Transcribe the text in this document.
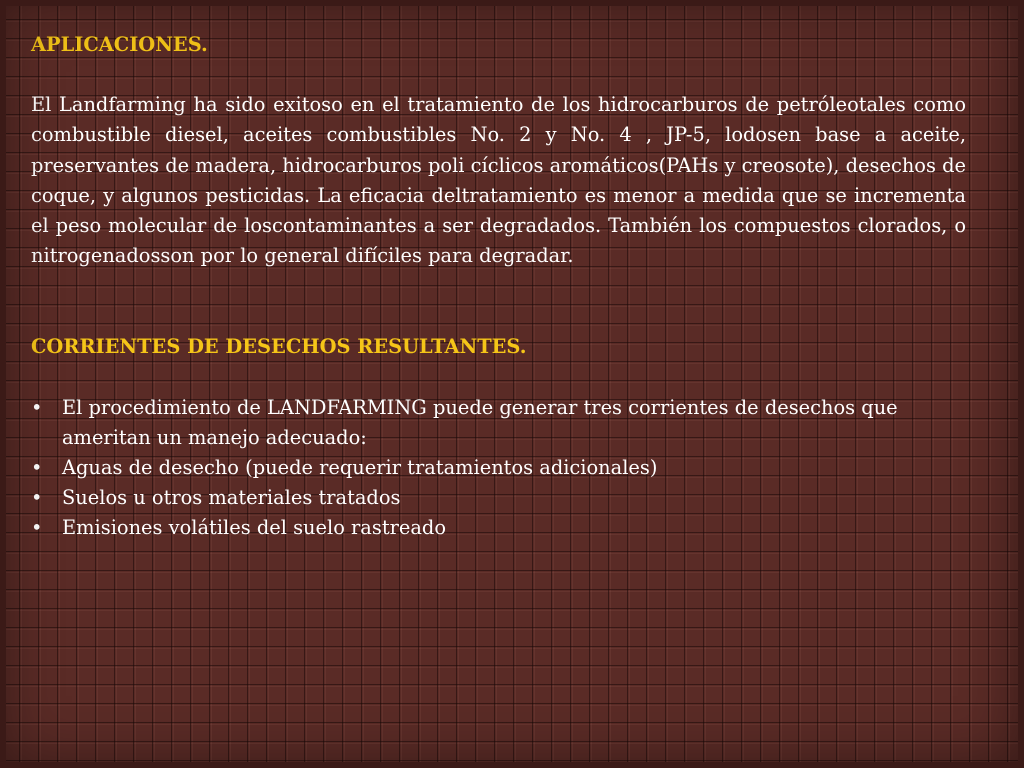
APLICACIONES.

El Landfarming ha sido exitoso en el tratamiento de los hidrocarburos de petróleotales como combustible diesel, aceites combustibles No. 2 y No. 4 , JP-5, lodosen base a aceite, preservantes de madera, hidrocarburos poli cíclicos aromáticos(PAHs y creosote), desechos de coque, y algunos pesticidas. La eficacia deltratamiento es menor a medida que se incrementa el peso molecular de loscontaminantes a ser degradados. También los compuestos clorados, o nitrogenadosson por lo general difíciles para degradar.

CORRIENTES DE DESECHOS RESULTANTES.

• El procedimiento de LANDFARMING puede generar tres corrientes de desechos que ameritan un manejo adecuado:
• Aguas de desecho (puede requerir tratamientos adicionales)
• Suelos u otros materiales tratados
• Emisiones volátiles del suelo rastreado
